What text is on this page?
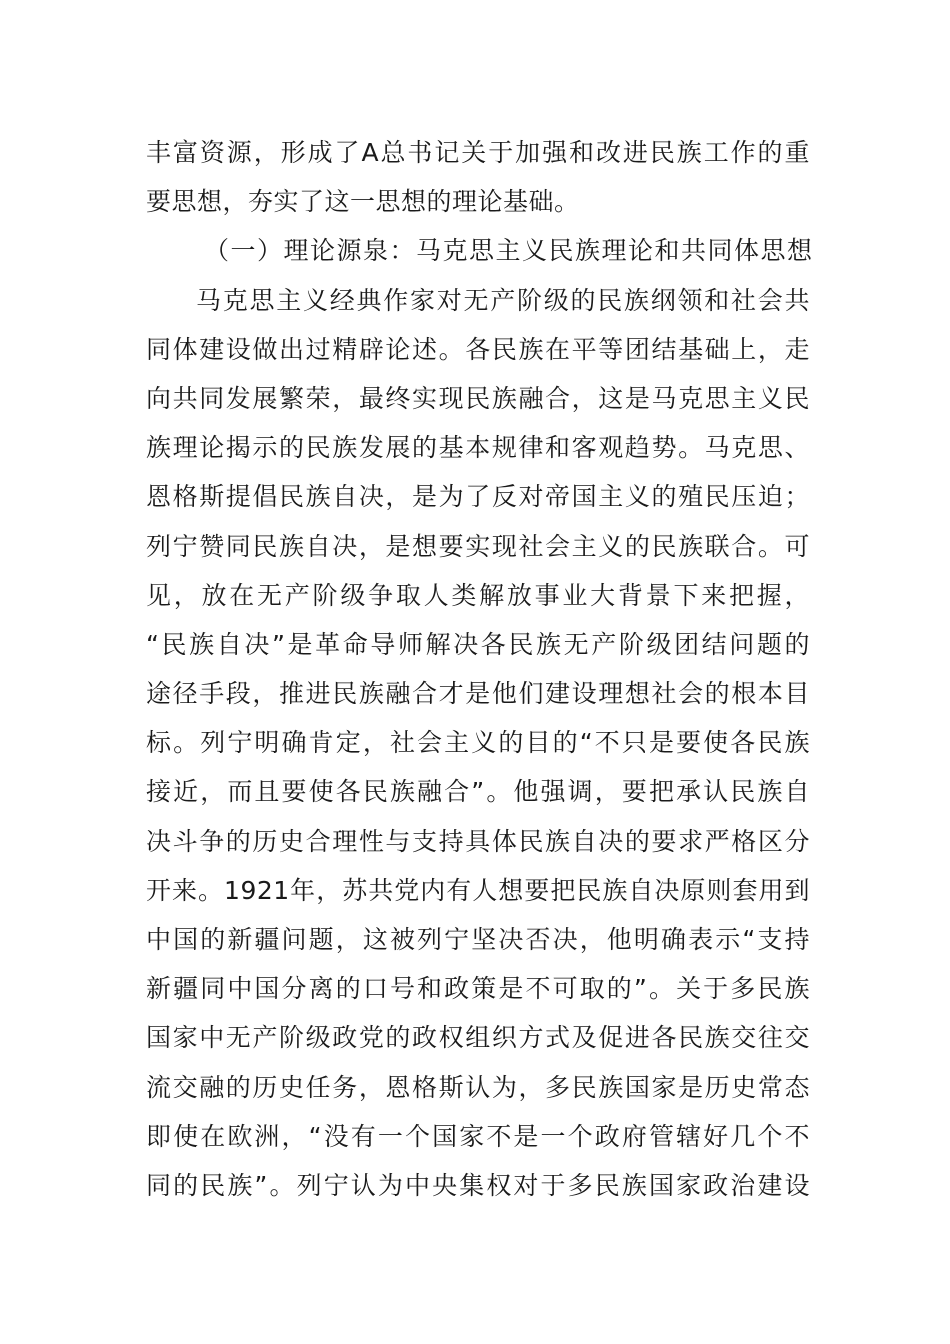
丰富资源，形成了A总书记关于加强和改进民族工作的重
要思想，夯实了这一思想的理论基础。
（一）理论源泉：马克思主义民族理论和共同体思想
马克思主义经典作家对无产阶级的民族纲领和社会共
同体建设做出过精辟论述。各民族在平等团结基础上，走
向共同发展繁荣，最终实现民族融合，这是马克思主义民
族理论揭示的民族发展的基本规律和客观趋势。马克思、
恩格斯提倡民族自决，是为了反对帝国主义的殖民压迫；
列宁赞同民族自决，是想要实现社会主义的民族联合。可
见，放在无产阶级争取人类解放事业大背景下来把握，
“民族自决”是革命导师解决各民族无产阶级团结问题的
途径手段，推进民族融合才是他们建设理想社会的根本目
标。列宁明确肯定，社会主义的目的“不只是要使各民族
接近，而且要使各民族融合”。他强调，要把承认民族自
决斗争的历史合理性与支持具体民族自决的要求严格区分
开来。1921年，苏共党内有人想要把民族自决原则套用到
中国的新疆问题，这被列宁坚决否决，他明确表示“支持
新疆同中国分离的口号和政策是不可取的”。关于多民族
国家中无产阶级政党的政权组织方式及促进各民族交往交
流交融的历史任务，恩格斯认为，多民族国家是历史常态
即使在欧洲，“没有一个国家不是一个政府管辖好几个不
同的民族”。列宁认为中央集权对于多民族国家政治建设
